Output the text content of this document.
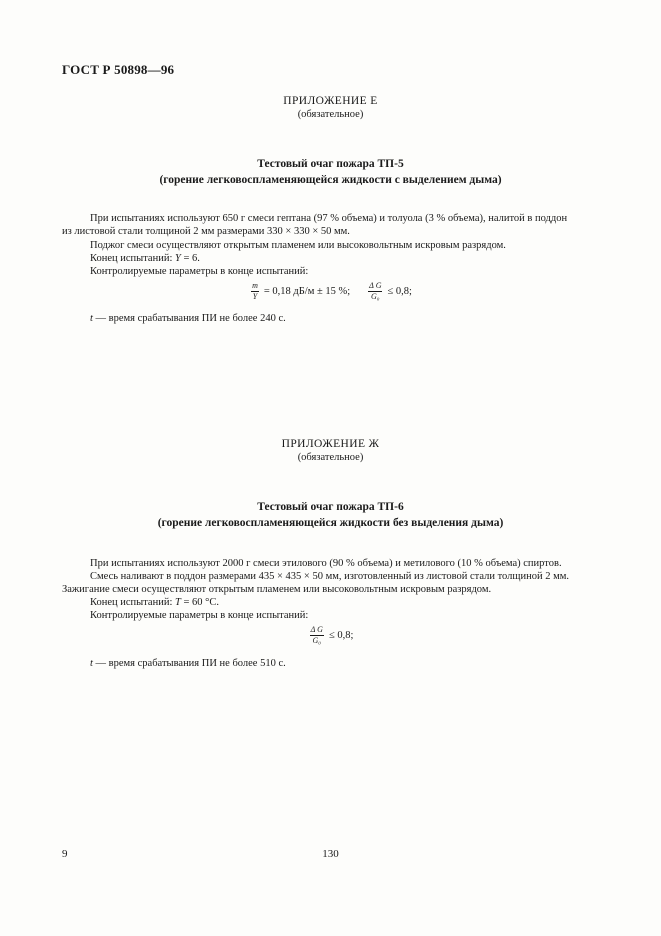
ГОСТ Р 50898—96
ПРИЛОЖЕНИЕ Е
(обязательное)
Тестовый очаг пожара ТП-5
(горение легковоспламеняющейся жидкости с выделением дыма)
При испытаниях используют 650 г смеси гептана (97 % объема) и толуола (3 % объема), налитой в поддон
из листовой стали толщиной 2 мм размерами 330 × 330 × 50 мм.
Поджог смеси осуществляют открытым пламенем или высоковольтным искровым разрядом.
Конец испытаний: Y = 6.
Контролируемые параметры в конце испытаний:
$\frac{m}{Y} = 0,18$ дБ/м ± 15 %; $\frac{\text{Δ G}}{\text{G₀}} \le 0,8$;
t — время срабатывания ПИ не более 240 с.
ПРИЛОЖЕНИЕ Ж
(обязательное)
Тестовый очаг пожара ТП-6
(горение легковоспламеняющейся жидкости без выделения дыма)
При испытаниях используют 2000 г смеси этилового (90 % объема) и метилового (10 % объема) спиртов.
Смесь наливают в поддон размерами 435 × 435 × 50 мм, изготовленный из листовой стали толщиной 2 мм.
Зажигание смеси осуществляют открытым пламенем или высоковольтным искровым разрядом.
Конец испытаний: T = 60 °C.
Контролируемые параметры в конце испытаний:
$\frac{\text{Δ G}}{\text{G₀}} \le 0,8$;
t — время срабатывания ПИ не более 510 с.
9	130
